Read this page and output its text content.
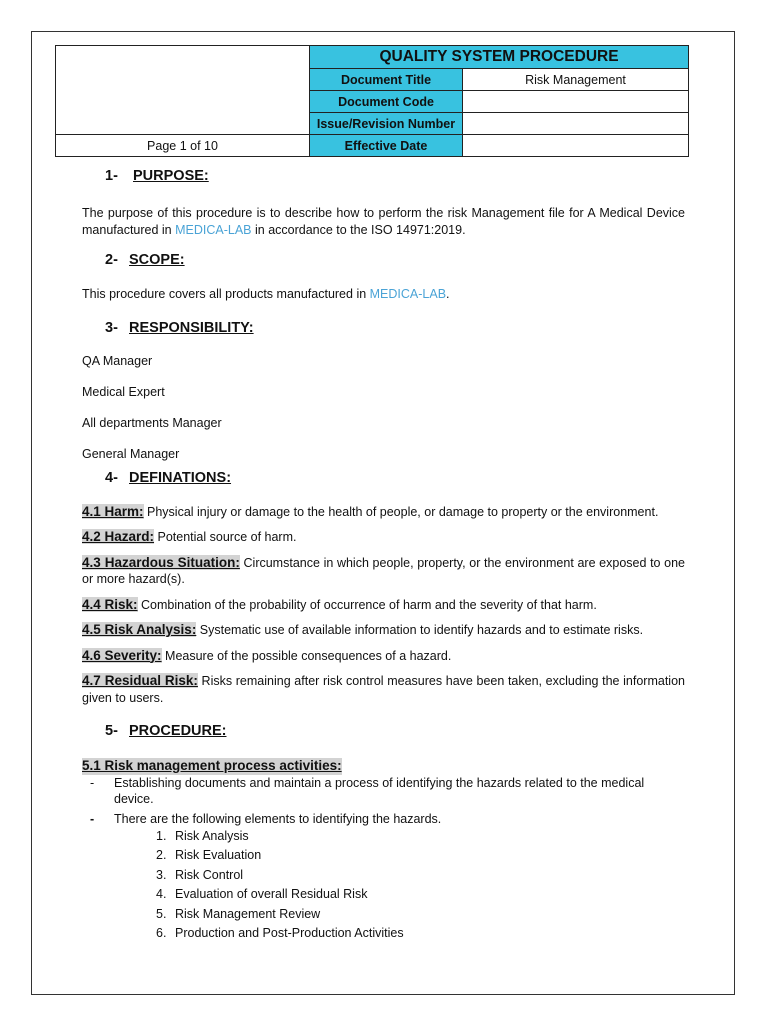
	QUALITY SYSTEM PROCEDURE	
	Document Title	Risk Management
	Document Code	
	Issue/Revision Number	
Page 1 of 10	Effective Date	
1- PURPOSE:
The purpose of this procedure is to describe how to perform the risk Management file for A Medical Device manufactured in MEDICA-LAB in accordance to the ISO 14971:2019.
2- SCOPE:
This procedure covers all products manufactured in MEDICA-LAB.
3- RESPONSIBILITY:
QA Manager
Medical Expert
All departments Manager
General Manager
4- DEFINATIONS:
4.1 Harm: Physical injury or damage to the health of people, or damage to property or the environment.
4.2 Hazard: Potential source of harm.
4.3 Hazardous Situation: Circumstance in which people, property, or the environment are exposed to one or more hazard(s).
4.4 Risk: Combination of the probability of occurrence of harm and the severity of that harm.
4.5 Risk Analysis: Systematic use of available information to identify hazards and to estimate risks.
4.6 Severity: Measure of the possible consequences of a hazard.
4.7 Residual Risk: Risks remaining after risk control measures have been taken, excluding the information given to users.
5- PROCEDURE:
5.1 Risk management process activities:
- Establishing documents and maintain a process of identifying the hazards related to the medical device.
- There are the following elements to identifying the hazards.
1. Risk Analysis
2. Risk Evaluation
3. Risk Control
4. Evaluation of overall Residual Risk
5. Risk Management Review
6. Production and Post-Production Activities
